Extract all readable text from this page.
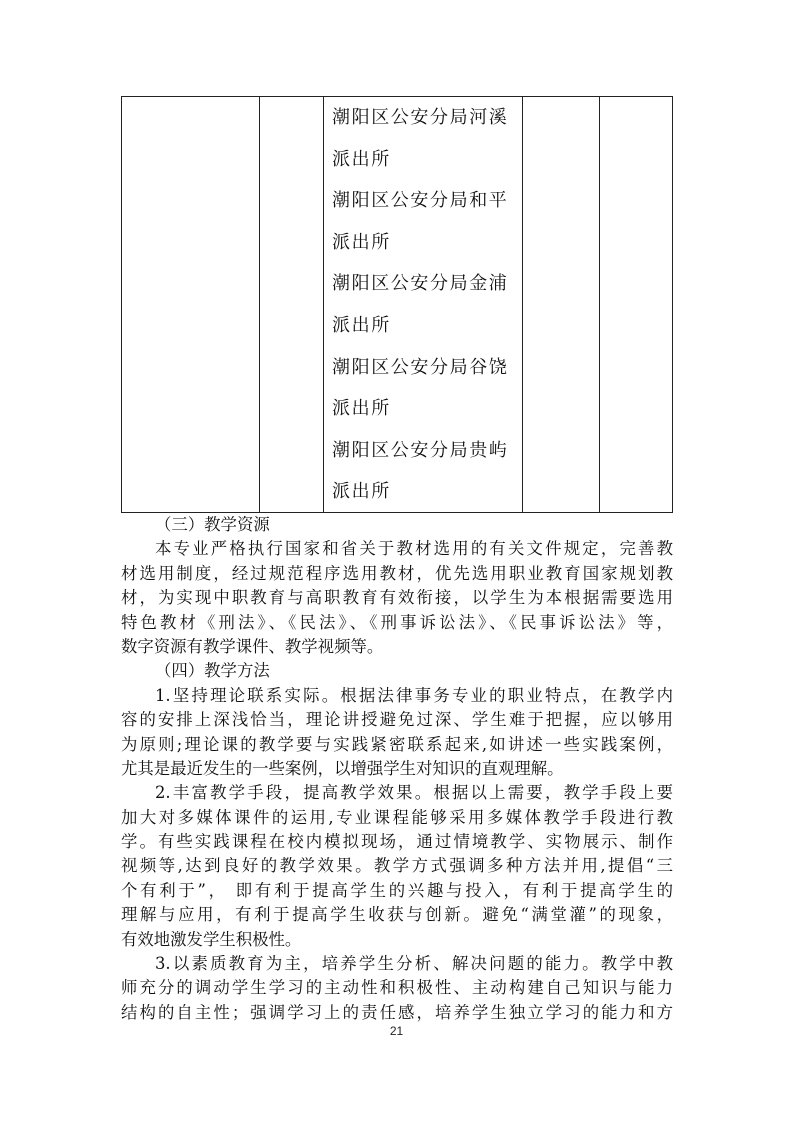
潮阳区公安分局河溪
派出所
潮阳区公安分局和平
派出所
潮阳区公安分局金浦
派出所
潮阳区公安分局谷饶
派出所
潮阳区公安分局贵屿
派出所
（三）教学资源
本专业严格执行国家和省关于教材选用的有关文件规定，完善教
材选用制度，经过规范程序选用教材，优先选用职业教育国家规划教
材，为实现中职教育与高职教育有效衔接，以学生为本根据需要选用
特色教材《刑法》、《民法》、《刑事诉讼法》、《民事诉讼法》等，
数字资源有教学课件、教学视频等。
（四）教学方法
1.坚持理论联系实际。根据法律事务专业的职业特点，在教学内
容的安排上深浅恰当，理论讲授避免过深、学生难于把握，应以够用
为原则;理论课的教学要与实践紧密联系起来,如讲述一些实践案例，
尤其是最近发生的一些案例，以增强学生对知识的直观理解。
2.丰富教学手段，提高教学效果。根据以上需要，教学手段上要
加大对多媒体课件的运用,专业课程能够采用多媒体教学手段进行教
学。有些实践课程在校内模拟现场，通过情境教学、实物展示、制作
视频等,达到良好的教学效果。教学方式强调多种方法并用,提倡“三
个有利于”， 即有利于提高学生的兴趣与投入，有利于提高学生的
理解与应用，有利于提高学生收获与创新。避免“满堂灌”的现象，
有效地激发学生积极性。
3.以素质教育为主，培养学生分析、解决问题的能力。教学中教
师充分的调动学生学习的主动性和积极性、主动构建自己知识与能力
结构的自主性；强调学习上的责任感，培养学生独立学习的能力和方
21
